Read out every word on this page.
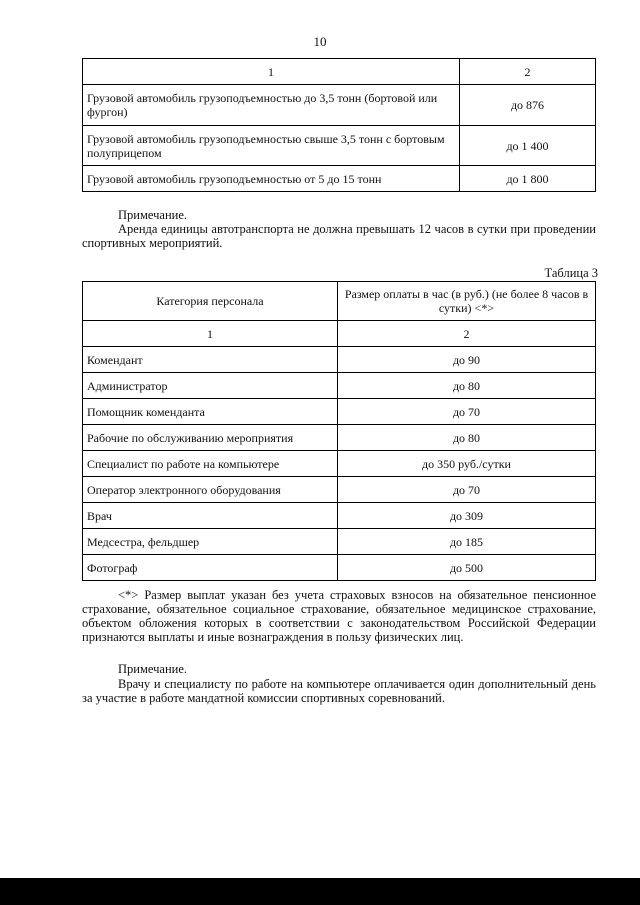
10
1	2
Грузовой автомобиль грузоподъемностью до 3,5 тонн (бортовой или фургон)	до 876
Грузовой автомобиль грузоподъемностью свыше 3,5 тонн с бортовым полуприцепом	до 1 400
Грузовой автомобиль грузоподъемностью от 5 до 15 тонн	до 1 800
Примечание.
Аренда единицы автотранспорта не должна превышать 12 часов в сутки при проведении спортивных мероприятий.
Таблица 3
Категория персонала	Размер оплаты в час (в руб.) (не более 8 часов в сутки) <*>
1	2
Комендант	до 90
Администратор	до 80
Помощник коменданта	до 70
Рабочие по обслуживанию мероприятия	до 80
Специалист по работе на компьютере	до 350 руб./сутки
Оператор электронного оборудования	до 70
Врач	до 309
Медсестра, фельдшер	до 185
Фотограф	до 500
<*> Размер выплат указан без учета страховых взносов на обязательное пенсионное страхование, обязательное социальное страхование, обязательное медицинское страхование, объектом обложения которых в соответствии с законодательством Российской Федерации признаются выплаты и иные вознаграждения в пользу физических лиц.
Примечание.
Врачу и специалисту по работе на компьютере оплачивается один дополнительный день за участие в работе мандатной комиссии спортивных соревнований.
